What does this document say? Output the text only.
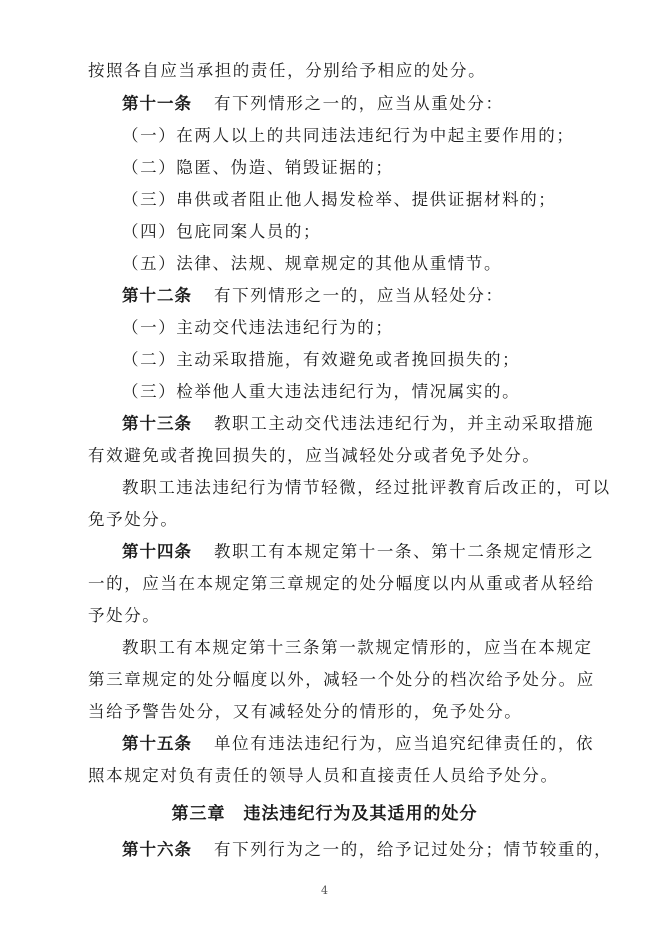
按照各自应当承担的责任，分别给予相应的处分。
第十一条 有下列情形之一的，应当从重处分：
（一）在两人以上的共同违法违纪行为中起主要作用的；
（二）隐匿、伪造、销毁证据的；
（三）串供或者阻止他人揭发检举、提供证据材料的；
（四）包庇同案人员的；
（五）法律、法规、规章规定的其他从重情节。
第十二条 有下列情形之一的，应当从轻处分：
（一）主动交代违法违纪行为的；
（二）主动采取措施，有效避免或者挽回损失的；
（三）检举他人重大违法违纪行为，情况属实的。
第十三条 教职工主动交代违法违纪行为，并主动采取措施
有效避免或者挽回损失的，应当减轻处分或者免予处分。
教职工违法违纪行为情节轻微，经过批评教育后改正的，可以
免予处分。
第十四条 教职工有本规定第十一条、第十二条规定情形之
一的，应当在本规定第三章规定的处分幅度以内从重或者从轻给
予处分。
教职工有本规定第十三条第一款规定情形的，应当在本规定
第三章规定的处分幅度以外，减轻一个处分的档次给予处分。应
当给予警告处分，又有减轻处分的情形的，免予处分。
第十五条 单位有违法违纪行为，应当追究纪律责任的，依
照本规定对负有责任的领导人员和直接责任人员给予处分。
第三章　违法违纪行为及其适用的处分
第十六条 有下列行为之一的，给予记过处分；情节较重的，
4
